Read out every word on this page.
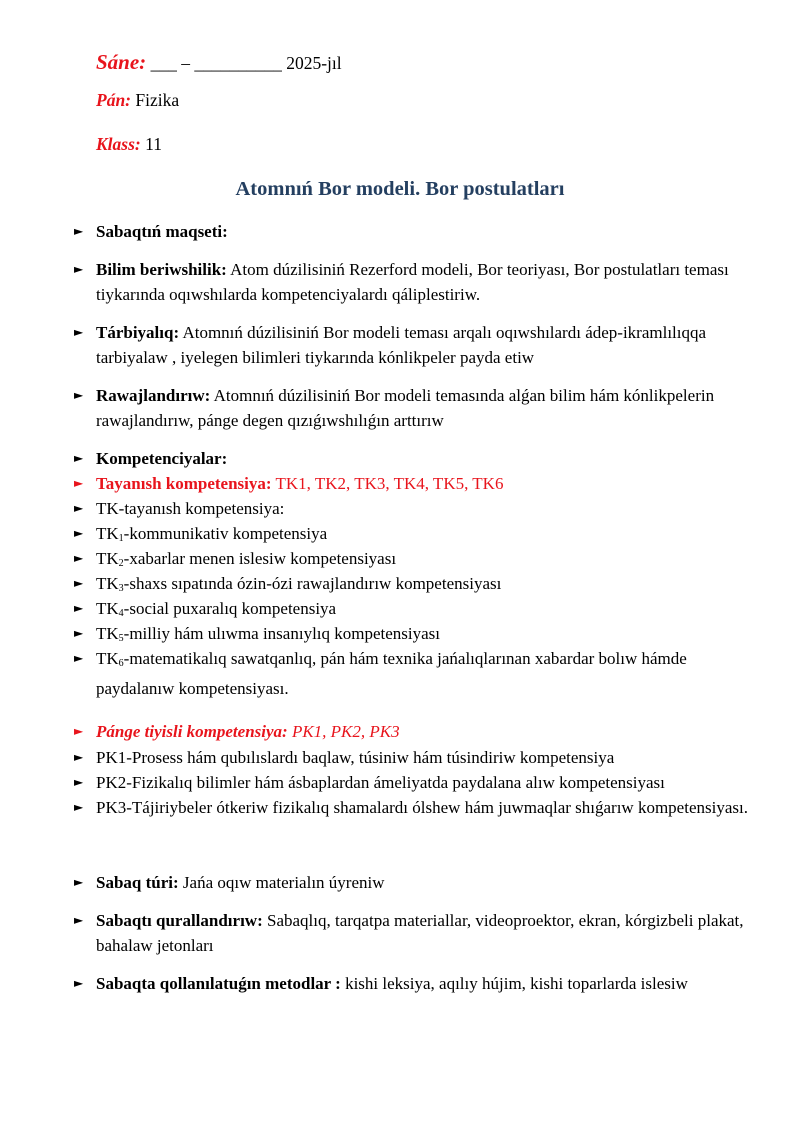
Sáne: ___ – __________ 2025-jıl
Pán: Fizika
Klass: 11
Atomnıń Bor modeli. Bor postulatları
► Sabaqtıń maqseti:
► Bilim beriwshilik: Atom dúzilisiniń Rezerford modeli, Bor teoriyası, Bor postulatları teması tiykarında oqıwshılarda kompetenciyalardı qáliplestiriw.
► Tárbiyalıq: Atomnıń dúzilisiniń Bor modeli teması arqalı oqıwshılardı ádep-ikramlılıqqa tarbiyalaw , iyelegen bilimleri tiykarında kónlikpeler payda etiw
► Rawajlandırıw: Atomnıń dúzilisiniń Bor modeli temasında alǵan bilim hám kónlikpelerin rawajlandırıw, pánge degen qızıǵıwshılıǵın arttırıw
► Kompetenciyalar:
► Tayanısh kompetensiya: TK1, TK2, TK3, TK4, TK5, TK6
► TK-tayanısh kompetensiya:
► $TK_1$-kommunikativ kompetensiya
► $TK_2$-xabarlar menen islesiw kompetensiyası
► $TK_3$-shaxs sıpatında ózin-ózi rawajlandırıw kompetensiyası
► $TK_4$-social puxaralıq kompetensiya
► $TK_5$-milliy hám ulıwma insanıylıq kompetensiyası
► $TK_6$-matematikalıq sawatqanlıq, pán hám texnika jańalıqlarınan xabardar bolıw hámde paydalanıw kompetensiyası.
► Pánge tiyisli kompetensiya: PK1, PK2, PK3
► PK1-Prosess hám qubılıslardı baqlaw, túsiniw hám túsindiriw kompetensiya
► PK2-Fizikalıq bilimler hám ásbaplardan ámeliyatda paydalana alıw kompetensiyası
► PK3-Tájiriybeler ótkeriw fizikalıq shamalardı ólshew hám juwmaqlar shıǵarıw kompetensiyası.
► Sabaq túri: Jańa oqıw materialın úyreniw
► Sabaqtı qurallandırıw: Sabaqlıq, tarqatpa materiallar, videoproektor, ekran, kórgizbeli plakat, bahalaw jetonları
► Sabaqta qollanılatuǵın metodlar : kishi leksiya, aqılıy hújim, kishi toparlarda islesiw
